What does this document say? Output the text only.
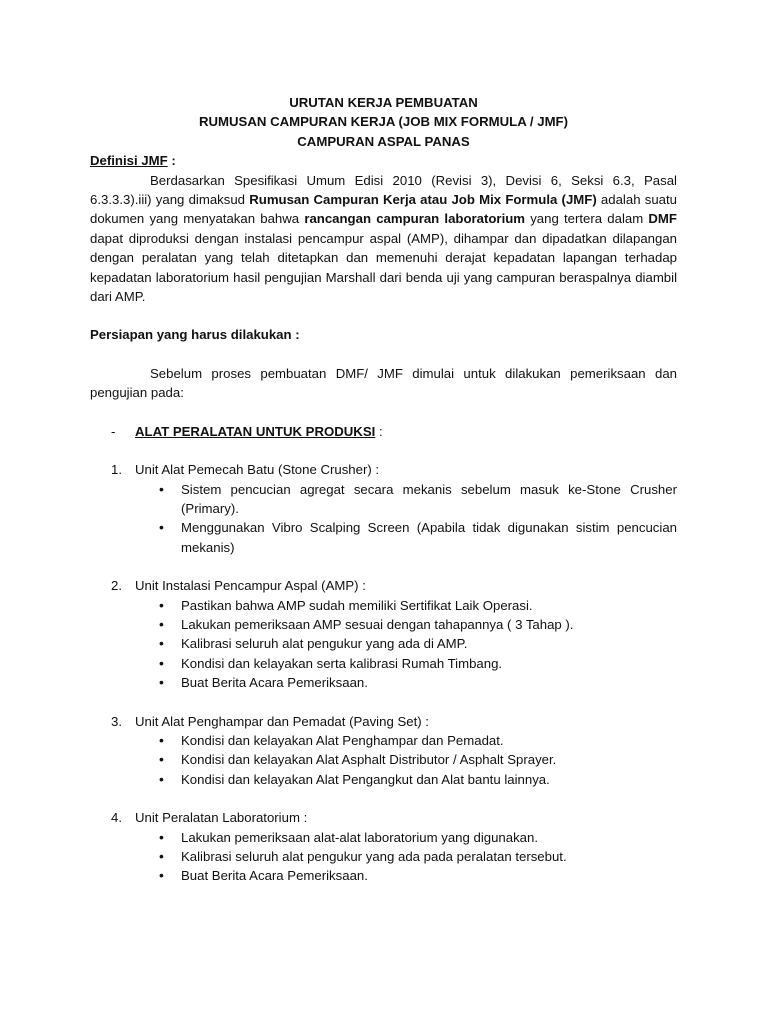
URUTAN KERJA PEMBUATAN

RUMUSAN CAMPURAN KERJA (JOB MIX FORMULA / JMF)

CAMPURAN ASPAL PANAS

Definisi JMF :

Berdasarkan Spesifikasi Umum Edisi 2010 (Revisi 3), Devisi 6, Seksi 6.3, Pasal 6.3.3.3).iii) yang dimaksud Rumusan Campuran Kerja atau Job Mix Formula (JMF) adalah suatu dokumen yang menyatakan bahwa rancangan campuran laboratorium yang tertera dalam DMF dapat diproduksi dengan instalasi pencampur aspal (AMP), dihampar dan dipadatkan dilapangan dengan peralatan yang telah ditetapkan dan memenuhi derajat kepadatan lapangan terhadap kepadatan laboratorium hasil pengujian Marshall dari benda uji yang campuran beraspalnya diambil dari AMP.

Persiapan yang harus dilakukan :

Sebelum proses pembuatan DMF/ JMF dimulai untuk dilakukan pemeriksaan dan pengujian pada:

-	ALAT PERALATAN UNTUK PRODUKSI :
1. Unit Alat Pemecah Batu (Stone Crusher) :
•	Sistem pencucian agregat secara mekanis sebelum masuk ke-Stone Crusher (Primary).
•	Menggunakan Vibro Scalping Screen (Apabila tidak digunakan sistim pencucian mekanis)
2. Unit Instalasi Pencampur Aspal (AMP) :
•	Pastikan bahwa AMP sudah memiliki Sertifikat Laik Operasi.
•	Lakukan pemeriksaan AMP sesuai dengan tahapannya ( 3 Tahap ).
•	Kalibrasi seluruh alat pengukur yang ada di AMP.
•	Kondisi dan kelayakan serta kalibrasi Rumah Timbang.
•	Buat Berita Acara Pemeriksaan.
3. Unit Alat Penghampar dan Pemadat (Paving Set) :
•	Kondisi dan kelayakan Alat Penghampar dan Pemadat.
•	Kondisi dan kelayakan Alat Asphalt Distributor / Asphalt Sprayer.
•	Kondisi dan kelayakan Alat Pengangkut dan Alat bantu lainnya.
4. Unit Peralatan Laboratorium :
•	Lakukan pemeriksaan alat-alat laboratorium yang digunakan.
•	Kalibrasi seluruh alat pengukur yang ada pada peralatan tersebut.
•	Buat Berita Acara Pemeriksaan.
